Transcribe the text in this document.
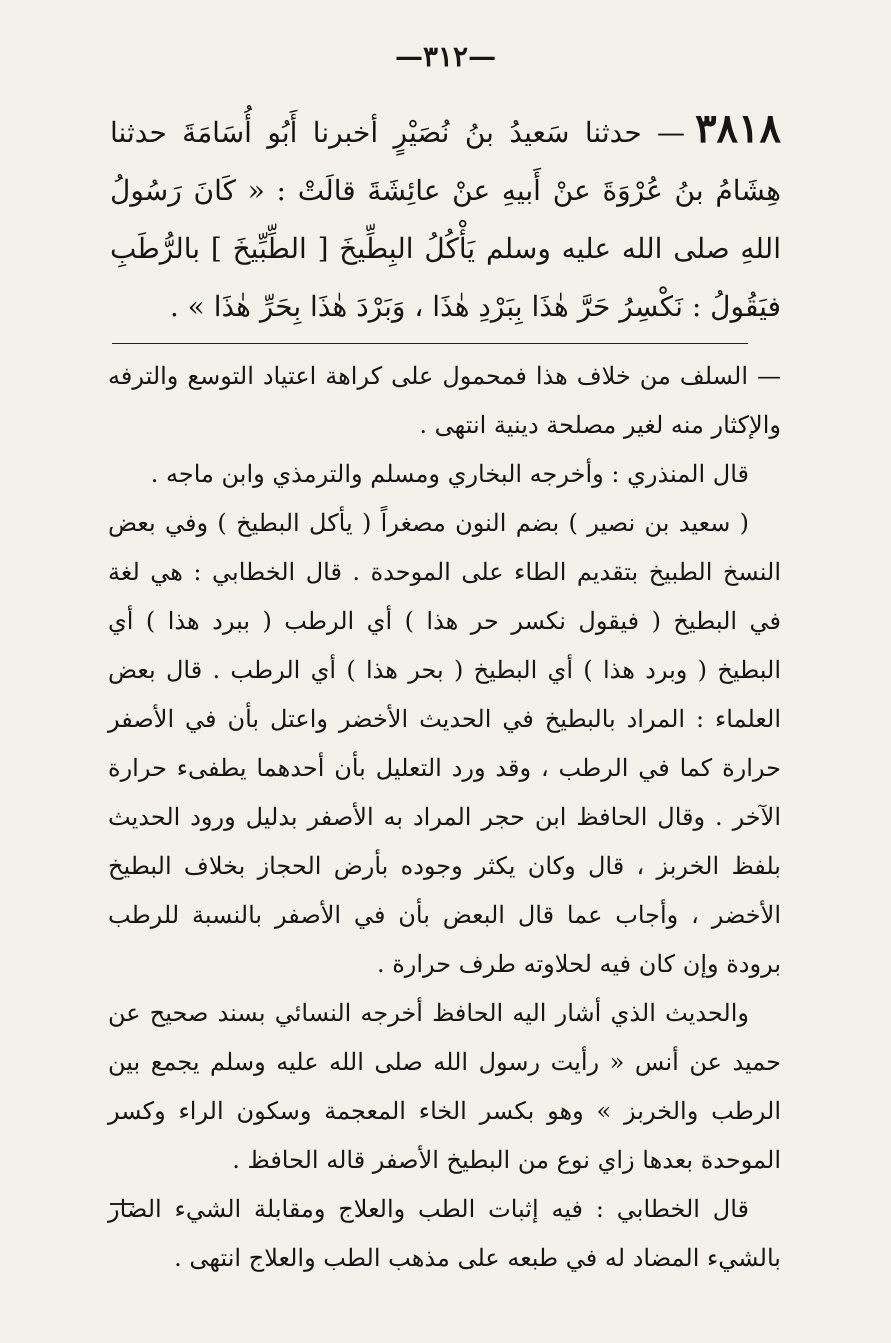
—٣١٢—
٣٨١٨— حدثنا سَعيدُ بنُ نُصَيْرٍ أخبرنا أَبُو أُسَامَةَ حدثنا هِشَامُ بنُ عُرْوَةَ عنْ أَبيهِ عنْ عائِشَةَ قالَتْ : « كَانَ رَسُولُ اللهِ صلى الله عليه وسلم يَأْكُلُ البِطِّيخَ [ الطِّبِّيخَ ] بالرُّطَبِ فيَقُولُ : نَكْسِرُ حَرَّ هٰذَا بِبَرْدِ هٰذَا ، وَبَرْدَ هٰذَا بِحَرِّ هٰذَا » .

— السلف من خلاف هذا فمحمول على كراهة اعتياد التوسع والترفه والإكثار منه لغير مصلحة دينية انتهى .

قال المنذري : وأخرجه البخاري ومسلم والترمذي وابن ماجه .

( سعيد بن نصير ) بضم النون مصغراً ( يأكل البطيخ ) وفي بعض النسخ الطبيخ بتقديم الطاء على الموحدة . قال الخطابي : هي لغة في البطيخ ( فيقول نكسر حر هذا ) أي الرطب ( ببرد هذا ) أي البطيخ ( وبرد هذا ) أي البطيخ ( بحر هذا ) أي الرطب . قال بعض العلماء : المراد بالبطيخ في الحديث الأخضر واعتل بأن في الأصفر حرارة كما في الرطب ، وقد ورد التعليل بأن أحدهما يطفىء حرارة الآخر . وقال الحافظ ابن حجر المراد به الأصفر بدليل ورود الحديث بلفظ الخربز ، قال وكان يكثر وجوده بأرض الحجاز بخلاف البطيخ الأخضر ، وأجاب عما قال البعض بأن في الأصفر بالنسبة للرطب برودة وإن كان فيه لحلاوته طرف حرارة .

والحديث الذي أشار اليه الحافظ أخرجه النسائي بسند صحيح عن حميد عن أنس « رأيت رسول الله صلى الله عليه وسلم يجمع بين الرطب والخربز » وهو بكسر الخاء المعجمة وسكون الراء وكسر الموحدة بعدها زاي نوع من البطيخ الأصفر قاله الحافظ .

قال الخطابي : فيه إثبات الطب والعلاج ومقابلة الشيء الضار بالشيء المضاد له في طبعه على مذهب الطب والعلاج انتهى .
